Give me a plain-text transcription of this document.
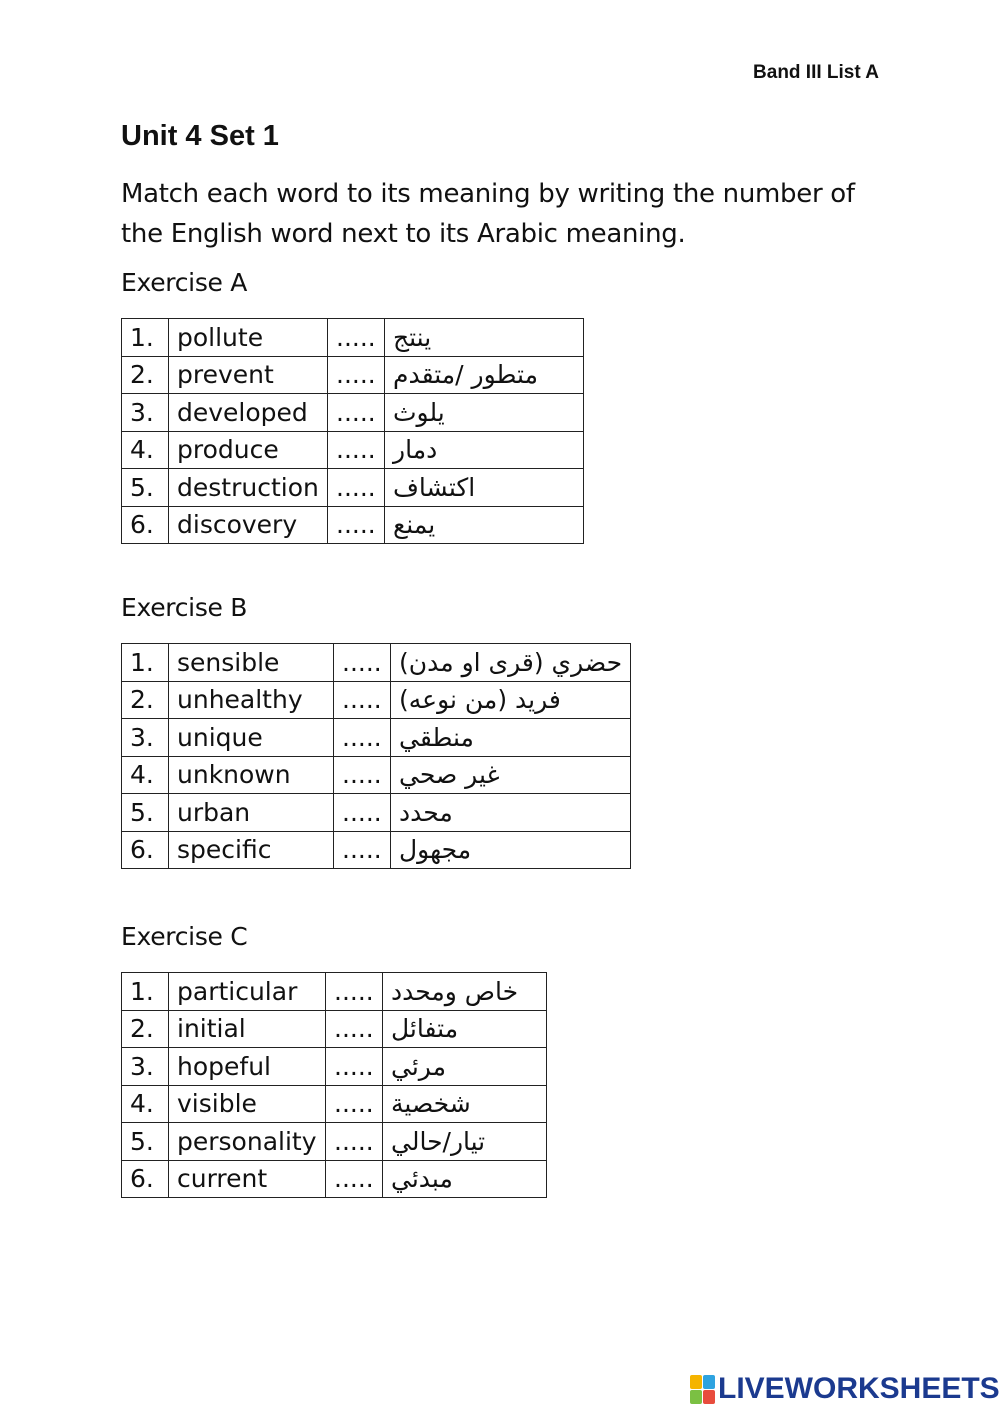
Band III List A
Unit 4 Set 1
Match each word to its meaning by writing the number of the English word next to its Arabic meaning.
Exercise A
1.	pollute	.....	ينتج
2.	prevent	.....	متطور /متقدم
3.	developed	.....	يلوث
4.	produce	.....	دمار
5.	destruction	.....	اكتشاف
6.	discovery	.....	يمنع
Exercise B
1.	sensible	.....	حضري (قرى او مدن)
2.	unhealthy	.....	فريد (من نوعه)
3.	unique	.....	منطقي
4.	unknown	.....	غير صحي
5.	urban	.....	محدد
6.	specific	.....	مجهول
Exercise C
1.	particular	.....	خاص ومحدد
2.	initial	.....	متفائل
3.	hopeful	.....	مرئي
4.	visible	.....	شخصية
5.	personality	.....	تيار/حالي
6.	current	.....	مبدئي
LIVEWORKSHEETS
